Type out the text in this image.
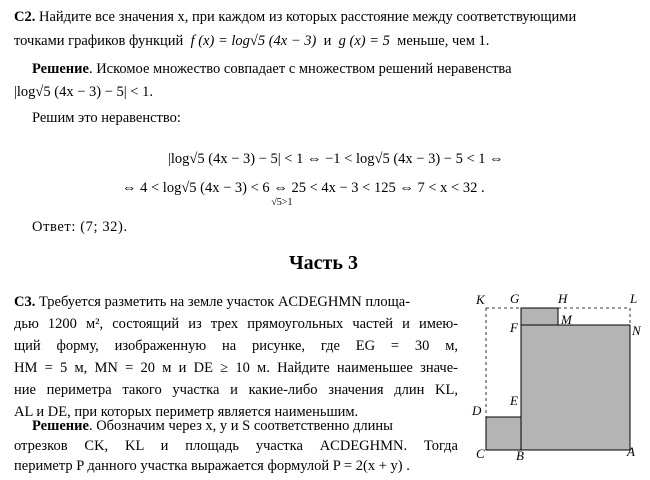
С2. Найдите все значения x, при каждом из которых расстояние между соответствующими
точками графиков функций f (x) = log√5 (4x − 3) и g (x) = 5 меньше, чем 1.
Решение. Искомое множество совпадает с множеством решений неравенства
|log√5 (4x − 3) − 5| < 1.
Решим это неравенство:
|log√5 (4x − 3) − 5| < 1 ⇔ −1 < log√5 (4x − 3) − 5 < 1 ⇔
⇔ 4 < log√5 (4x − 3) < 6 ⇔
√5>1
25 < 4x − 3 < 125 ⇔ 7 < x < 32 .
Ответ: (7; 32).
Часть 3
С3. Требуется разметить на земле участок ACDEGHMN площа-
дью 1200 м², состоящий из трех прямоугольных частей и имею-
щий форму, изображенную на рисунке, где EG = 30 м,
HM = 5 м, MN = 20 м и DE ≥ 10 м. Найдите наименьшее значе-
ние периметра такого участка и какие-либо значения длин KL,
AL и DE, при которых периметр является наименьшим.
Решение. Обозначим через x, y и S соответственно длины
отрезков CK, KL и площадь участка ACDEGHMN. Тогда
периметр P данного участка выражается формулой P = 2(x + y) .
K G	H	L
M
F	N
E
D
C B	A
